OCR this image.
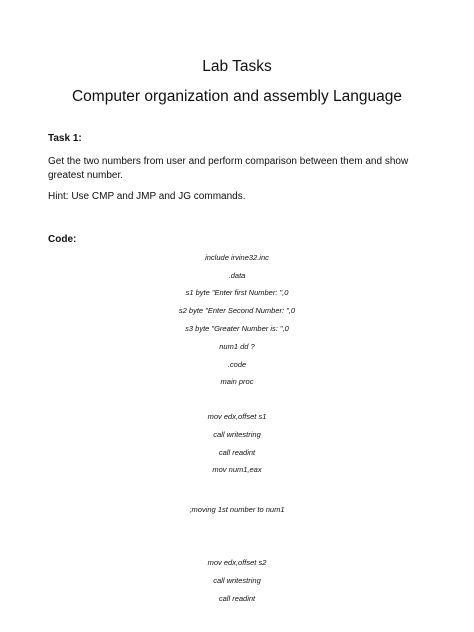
Lab Tasks
Computer organization and assembly Language
Task 1:
Get the two numbers from user and perform comparison between them and show greatest number.
Hint: Use CMP and JMP and JG commands.
Code:
include irvine32.inc
.data
s1 byte "Enter first Number: ",0
s2 byte "Enter Second Number: ",0
s3 byte "Greater Number is: ",0
num1 dd ?
.code
main proc
mov edx,offset s1
call writestring
call readint
mov num1,eax
;moving 1st number to num1
mov edx,offset s2
call writestring
call readint
